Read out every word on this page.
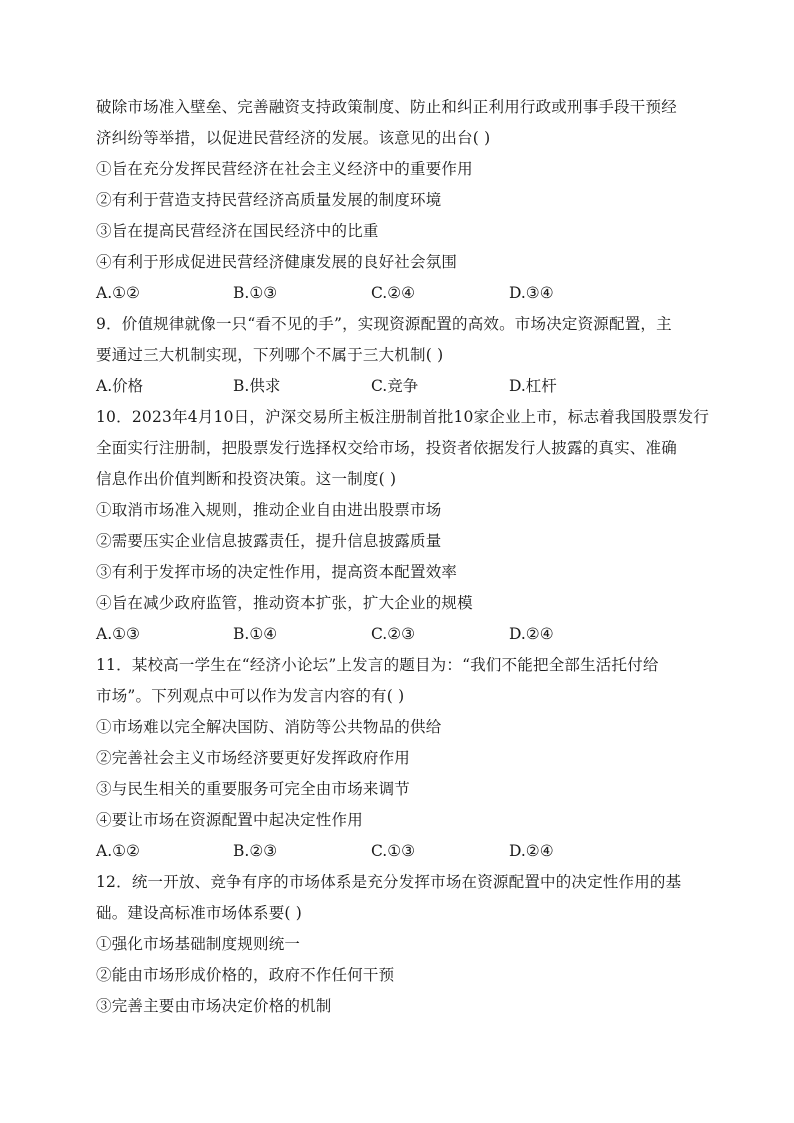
破除市场准入壁垒、完善融资支持政策制度、防止和纠正利用行政或刑事手段干预经
济纠纷等举措，以促进民营经济的发展。该意见的出台( )
①旨在充分发挥民营经济在社会主义经济中的重要作用
②有利于营造支持民营经济高质量发展的制度环境
③旨在提高民营经济在国民经济中的比重
④有利于形成促进民营经济健康发展的良好社会氛围
A.①②	B.①③	C.②④	D.③④
9．价值规律就像一只“看不见的手”，实现资源配置的高效。市场决定资源配置，主
要通过三大机制实现，下列哪个不属于三大机制( )
A.价格	B.供求	C.竞争	D.杠杆
10．2023年4月10日，沪深交易所主板注册制首批10家企业上市，标志着我国股票发行
全面实行注册制，把股票发行选择权交给市场，投资者依据发行人披露的真实、准确
信息作出价值判断和投资决策。这一制度( )
①取消市场准入规则，推动企业自由进出股票市场
②需要压实企业信息披露责任，提升信息披露质量
③有利于发挥市场的决定性作用，提高资本配置效率
④旨在减少政府监管，推动资本扩张，扩大企业的规模
A.①③	B.①④	C.②③	D.②④
11．某校高一学生在“经济小论坛”上发言的题目为：“我们不能把全部生活托付给
市场”。下列观点中可以作为发言内容的有( )
①市场难以完全解决国防、消防等公共物品的供给
②完善社会主义市场经济要更好发挥政府作用
③与民生相关的重要服务可完全由市场来调节
④要让市场在资源配置中起决定性作用
A.①②	B.②③	C.①③	D.②④
12．统一开放、竞争有序的市场体系是充分发挥市场在资源配置中的决定性作用的基
础。建设高标准市场体系要( )
①强化市场基础制度规则统一
②能由市场形成价格的，政府不作任何干预
③完善主要由市场决定价格的机制
